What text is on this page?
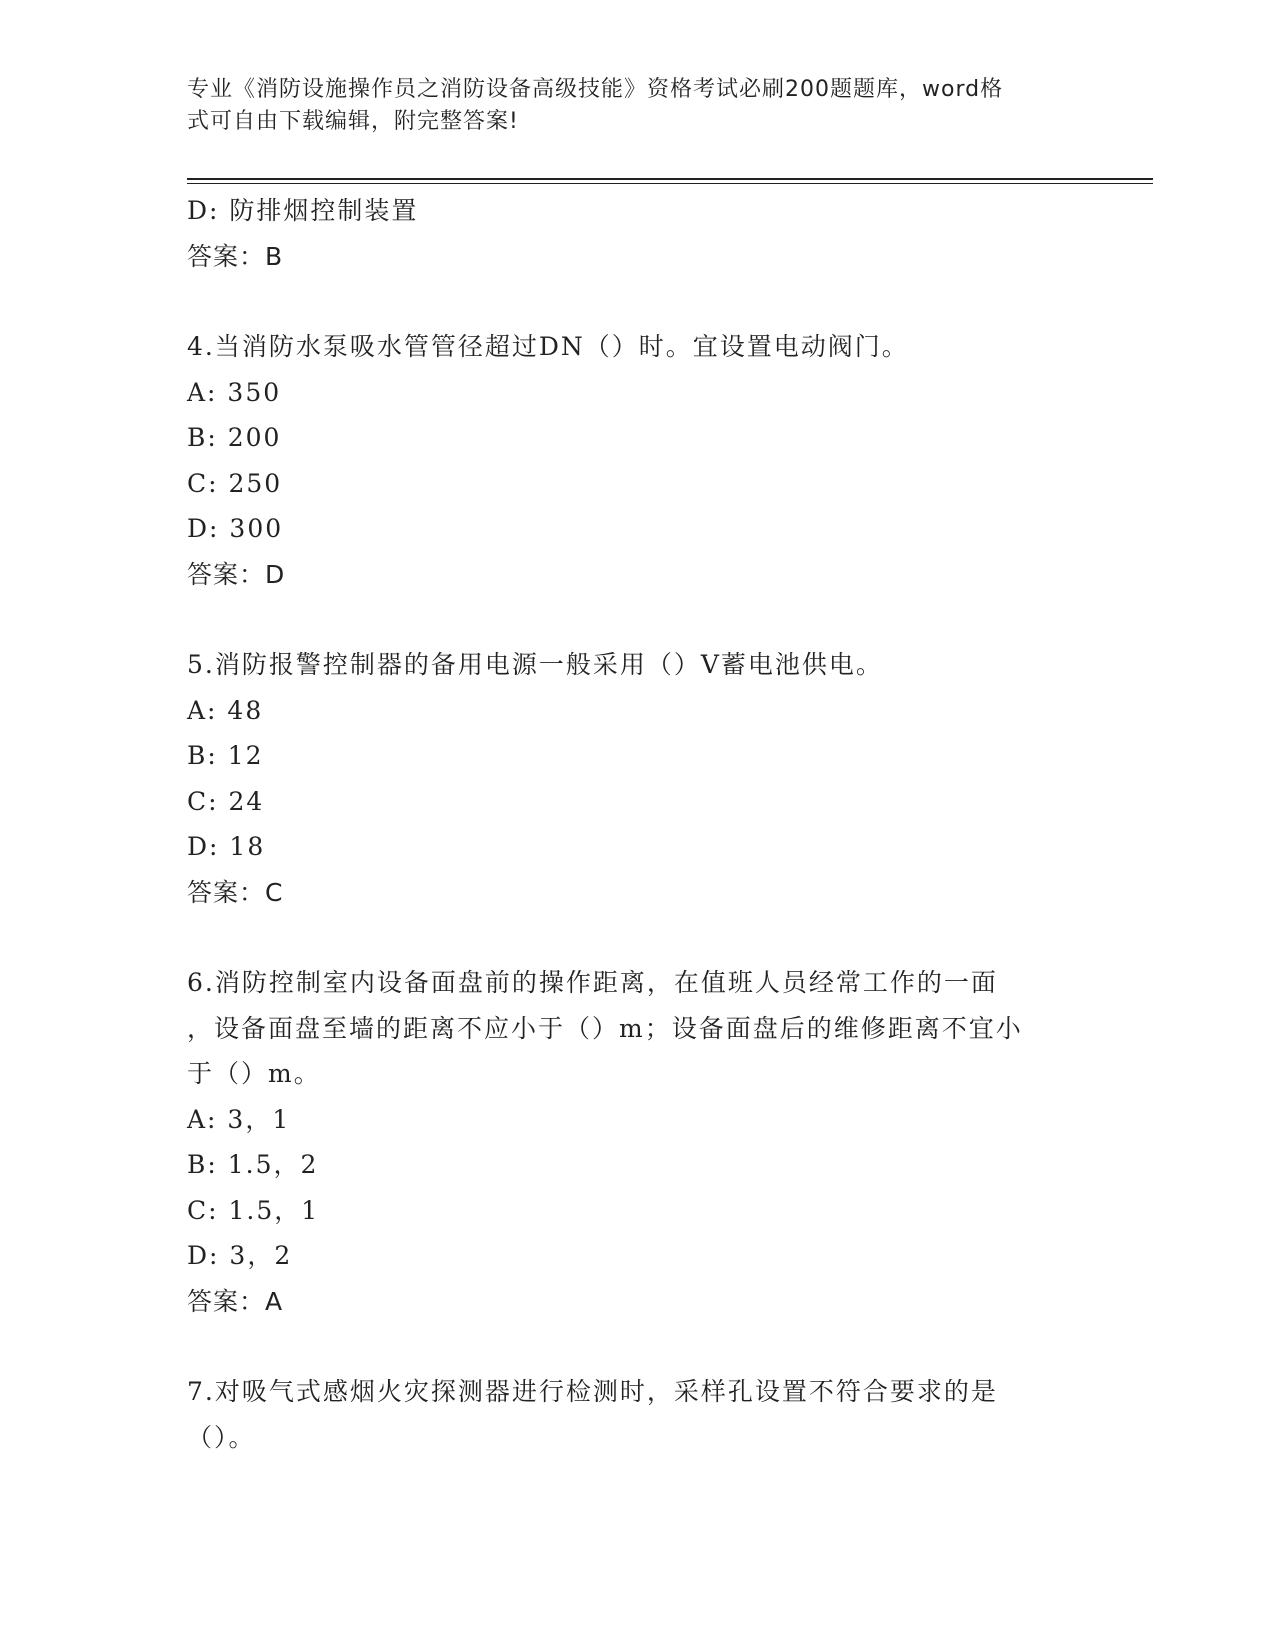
专业《消防设施操作员之消防设备高级技能》资格考试必刷200题题库，word格
式可自由下载编辑，附完整答案!
D: 防排烟控制装置
答案：B
4.当消防水泵吸水管管径超过DN（）时。宜设置电动阀门。
A: 350
B: 200
C: 250
D: 300
答案：D
5.消防报警控制器的备用电源一般采用（）V蓄电池供电。
A: 48
B: 12
C: 24
D: 18
答案：C
6.消防控制室内设备面盘前的操作距离，在值班人员经常工作的一面
，设备面盘至墙的距离不应小于（）m；设备面盘后的维修距离不宜小
于（）m。
A: 3，1
B: 1.5，2
C: 1.5，1
D: 3，2
答案：A
7.对吸气式感烟火灾探测器进行检测时，采样孔设置不符合要求的是
（）。
